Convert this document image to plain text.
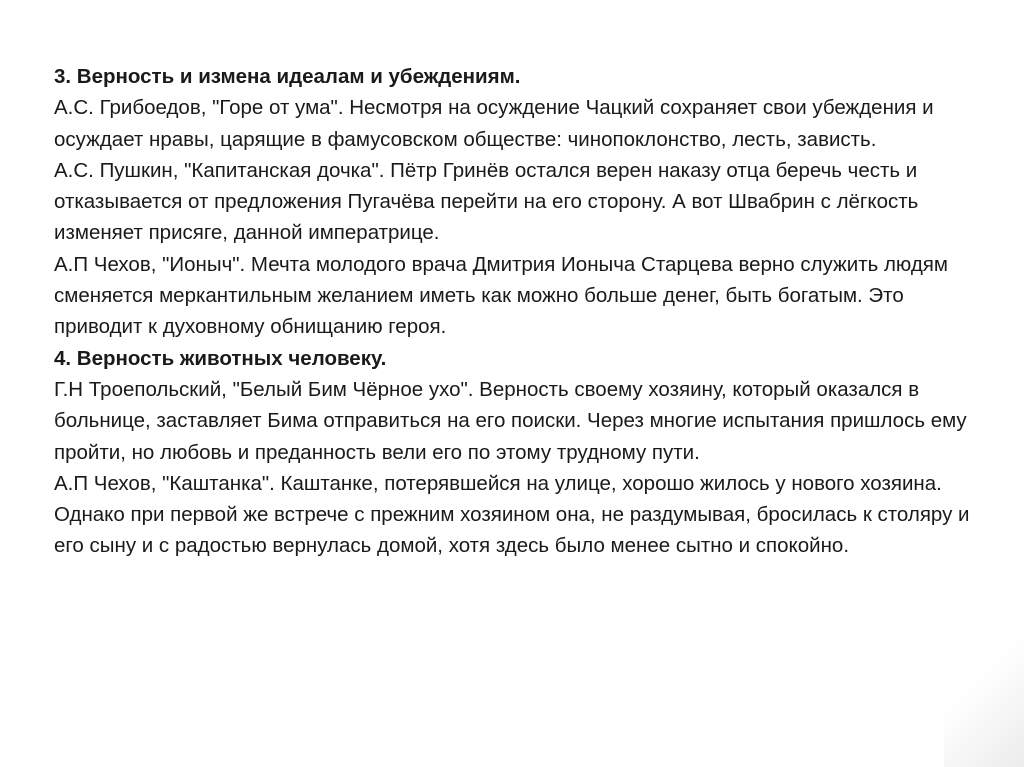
3. Верность и измена идеалам и убеждениям.

А.С. Грибоедов, "Горе от ума". Несмотря на осуждение Чацкий сохраняет свои убеждения и осуждает нравы, царящие в фамусовском обществе: чинопоклонство, лесть, зависть.

А.С. Пушкин, "Капитанская дочка". Пётр Гринёв остался верен наказу отца беречь честь и отказывается от предложения Пугачёва перейти на его сторону. А вот Швабрин с лёгкость изменяет присяге, данной императрице.

А.П Чехов, "Ионыч". Мечта молодого врача Дмитрия Ионыча Старцева верно служить людям сменяется меркантильным желанием иметь как можно больше денег, быть богатым. Это приводит к духовному обнищанию героя.

4. Верность животных человеку.

Г.Н Троепольский, "Белый Бим Чёрное ухо". Верность своему хозяину, который оказался в больнице, заставляет Бима отправиться на его поиски. Через многие испытания пришлось ему пройти, но любовь и преданность вели его по этому трудному пути.

А.П Чехов, "Каштанка". Каштанке, потерявшейся на улице, хорошо жилось у нового хозяина. Однако при первой же встрече с прежним хозяином она, не раздумывая, бросилась к столяру и его сыну и с радостью вернулась домой, хотя здесь было менее сытно и спокойно.
